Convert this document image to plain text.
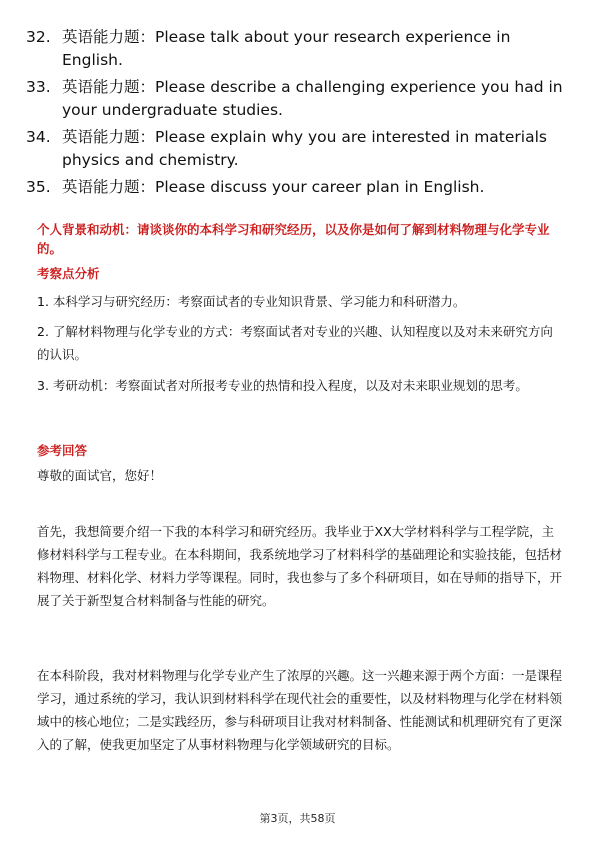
32. 英语能力题：Please talk about your research experience in English.
33. 英语能力题：Please describe a challenging experience you had in your undergraduate studies.
34. 英语能力题：Please explain why you are interested in materials physics and chemistry.
35. 英语能力题：Please discuss your career plan in English.
个人背景和动机：请谈谈你的本科学习和研究经历，以及你是如何了解到材料物理与化学专业的。
考察点分析
1. 本科学习与研究经历：考察面试者的专业知识背景、学习能力和科研潜力。
2. 了解材料物理与化学专业的方式：考察面试者对专业的兴趣、认知程度以及对未来研究方向的认识。
3. 考研动机：考察面试者对所报考专业的热情和投入程度，以及对未来职业规划的思考。
参考回答
尊敬的面试官，您好！
首先，我想简要介绍一下我的本科学习和研究经历。我毕业于XX大学材料科学与工程学院，主修材料科学与工程专业。在本科期间，我系统地学习了材料科学的基础理论和实验技能，包括材料物理、材料化学、材料力学等课程。同时，我也参与了多个科研项目，如在导师的指导下，开展了关于新型复合材料制备与性能的研究。
在本科阶段，我对材料物理与化学专业产生了浓厚的兴趣。这一兴趣来源于两个方面：一是课程学习，通过系统的学习，我认识到材料科学在现代社会的重要性，以及材料物理与化学在材料领域中的核心地位；二是实践经历，参与科研项目让我对材料制备、性能测试和机理研究有了更深入的了解，使我更加坚定了从事材料物理与化学领域研究的目标。
第3页，共58页
